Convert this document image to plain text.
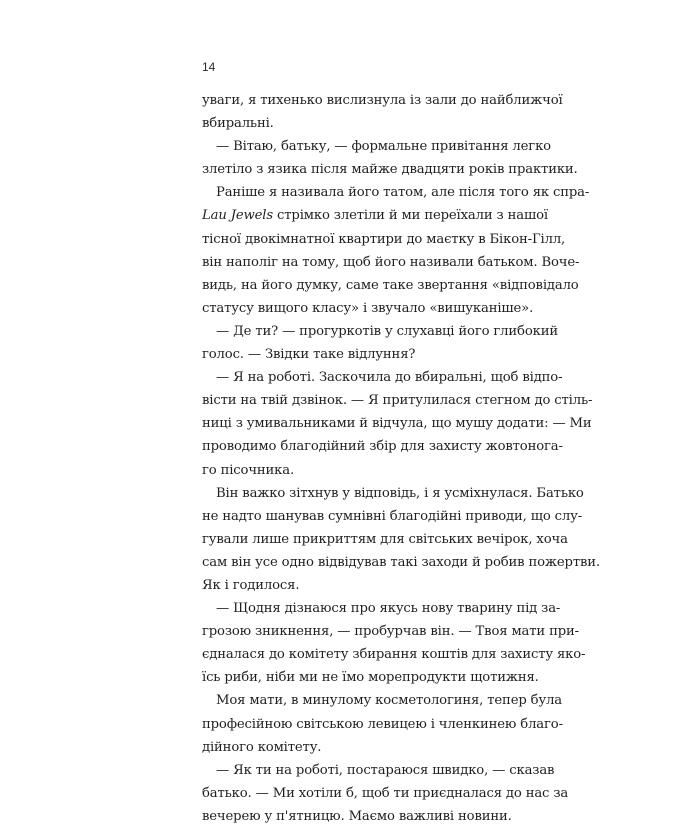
14

уваги, я тихенько вислизнула із зали до найближчої
вбиральні.

— Вітаю, батьку, — формальне привітання легко
злетіло з язика після майже двадцяти років практики.

Раніше я називала його татом, але після того як спра-
Lau Jewels стрімко злетіли й ми переїхали з нашої
тісної двокімнатної квартири до маєтку в Бікон-Гілл,
він наполіг на тому, щоб його називали батьком. Воче-
видь, на його думку, саме таке звертання «відповідало
статусу вищого класу» і звучало «вишуканіше».

— Де ти? — прогуркотів у слухавці його глибокий
голос. — Звідки таке відлуння?

— Я на роботі. Заскочила до вбиральні, щоб відпо-
вісти на твій дзвінок. — Я притулилася стегном до стіль-
ниці з умивальниками й відчула, що мушу додати: — Ми
проводимо благодійний збір для захисту жовтонога-
го пісочника.

Він важко зітхнув у відповідь, і я усміхнулася. Батько
не надто шанував сумнівні благодійні приводи, що слу-
гували лише прикриттям для світських вечірок, хоча
сам він усе одно відвідував такі заходи й робив пожертви.
Як і годилося.

— Щодня дізнаюся про якусь нову тварину під за-
грозою зникнення, — пробурчав він. — Твоя мати при-
єдналася до комітету збирання коштів для захисту яко-
їсь риби, ніби ми не їмо морепродукти щотижня.

Моя мати, в минулому косметологиня, тепер була
професійною світською левицею і членкинею благо-
дійного комітету.

— Як ти на роботі, постараюся швидко, — сказав
батько. — Ми хотіли б, щоб ти приєдналася до нас за
вечерею у п'ятницю. Маємо важливі новини.
